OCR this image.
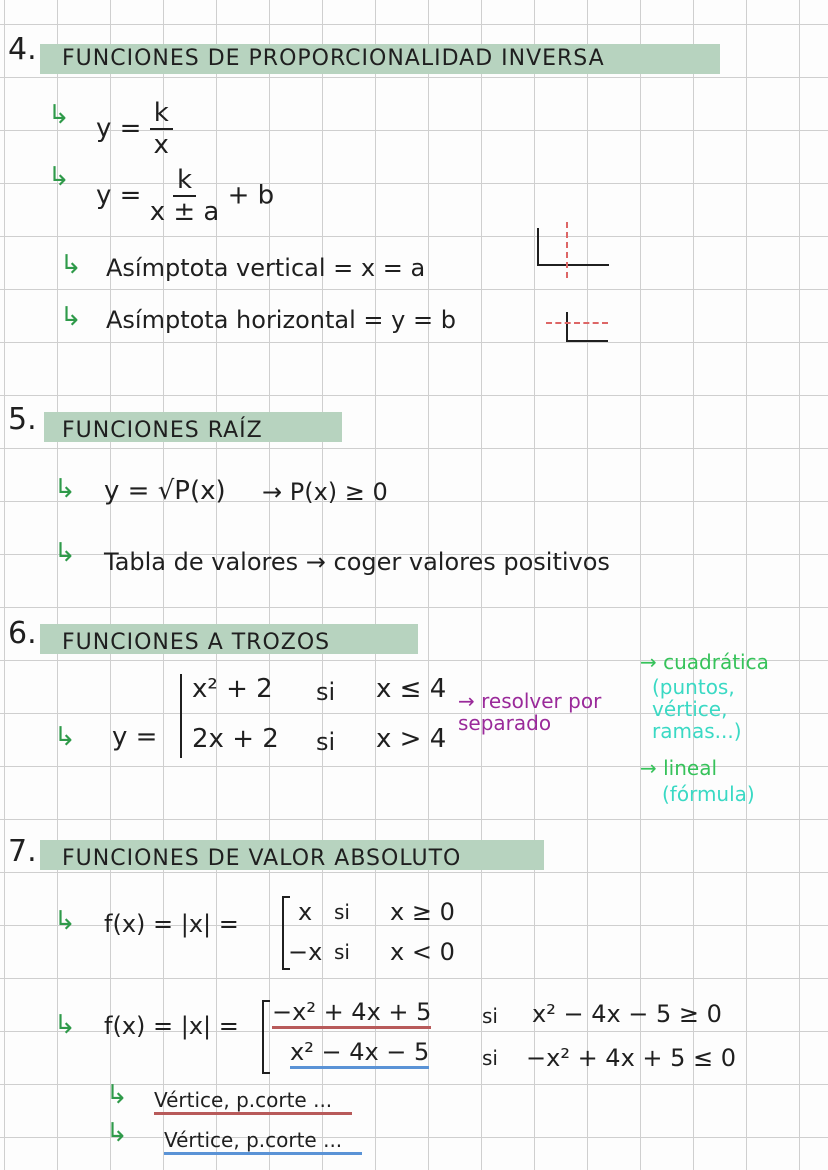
4. FUNCIONES DE PROPORCIONALIDAD INVERSA
↳ $y = \frac{k}{x}$
↳
$y = \frac{k}{x \pm a} + b$
↳ Asímptota vertical = x = a
↳ Asímptota horizontal = y = b
5. FUNCIONES RAÍZ
↳ y = √P(x) → P(x) ≥ 0
↳ Tabla de valores → coger valores positivos
6. FUNCIONES A TROZOS
↳ y =
x² + 2 si x ≤ 4
2x + 2 si x > 4
→ resolver por separado
→ cuadrática
(puntos, vértice, ramas...)
→ lineal
(fórmula)
7. FUNCIONES DE VALOR ABSOLUTO
↳ f(x) = |x| = x si x ≥ 0
−x si x < 0
↳ f(x) = |x| = −x² + 4x + 5	si x² − 4x − 5 ≥ 0
x² − 4x − 5	si −x² + 4x + 5 ≤ 0
↳ Vértice, p.corte ...
↳ Vértice, p.corte ...
